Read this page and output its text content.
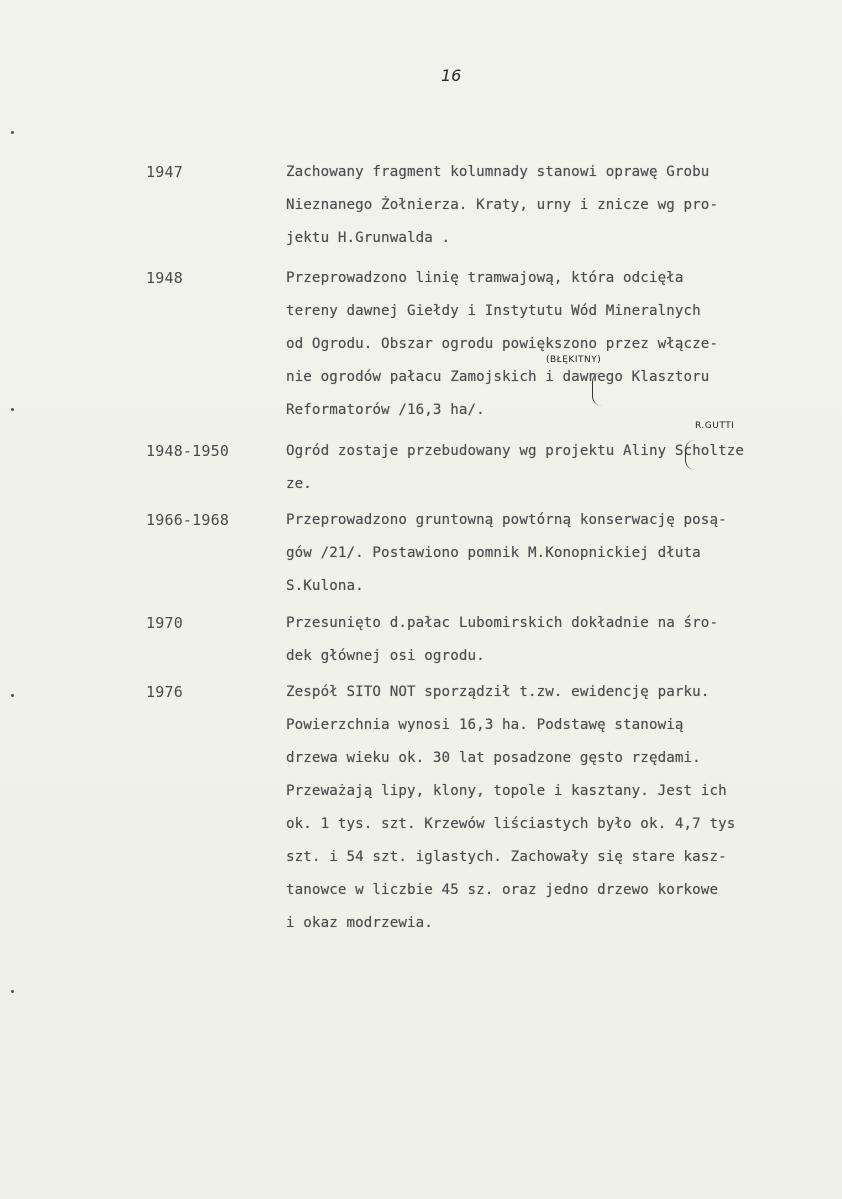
16
1947	Zachowany fragment kolumnady stanowi oprawę Grobu
Nieznanego Żołnierza. Kraty, urny i znicze wg pro-
jektu H.Grunwalda .
1948	Przeprowadzono linię tramwajową, która odcięła
tereny dawnej Giełdy i Instytutu Wód Mineralnych
od Ogrodu. Obszar ogrodu powiększono przez włącze-
nie ogrodów pałacu Zamojskich i dawnego Klasztoru
Reformatorów /16,3 ha/.
(BŁĘKITNY)
1948-1950	Ogród zostaje przebudowany wg projektu Aliny Scholtze
ze.
R.GUTTI
1966-1968	Przeprowadzono gruntowną powtórną konserwację posą-
gów /21/. Postawiono pomnik M.Konopnickiej dłuta
S.Kulona.
1970	Przesunięto d.pałac Lubomirskich dokładnie na śro-
dek głównej osi ogrodu.
1976	Zespół SITO NOT sporządził t.zw. ewidencję parku.
Powierzchnia wynosi 16,3 ha. Podstawę stanowią
drzewa wieku ok. 30 lat posadzone gęsto rzędami.
Przeważają lipy, klony, topole i kasztany. Jest ich
ok. 1 tys. szt. Krzewów liściastych było ok. 4,7 tys
szt. i 54 szt. iglastych. Zachowały się stare kasz-
tanowce w liczbie 45 sz. oraz jedno drzewo korkowe
i okaz modrzewia.
